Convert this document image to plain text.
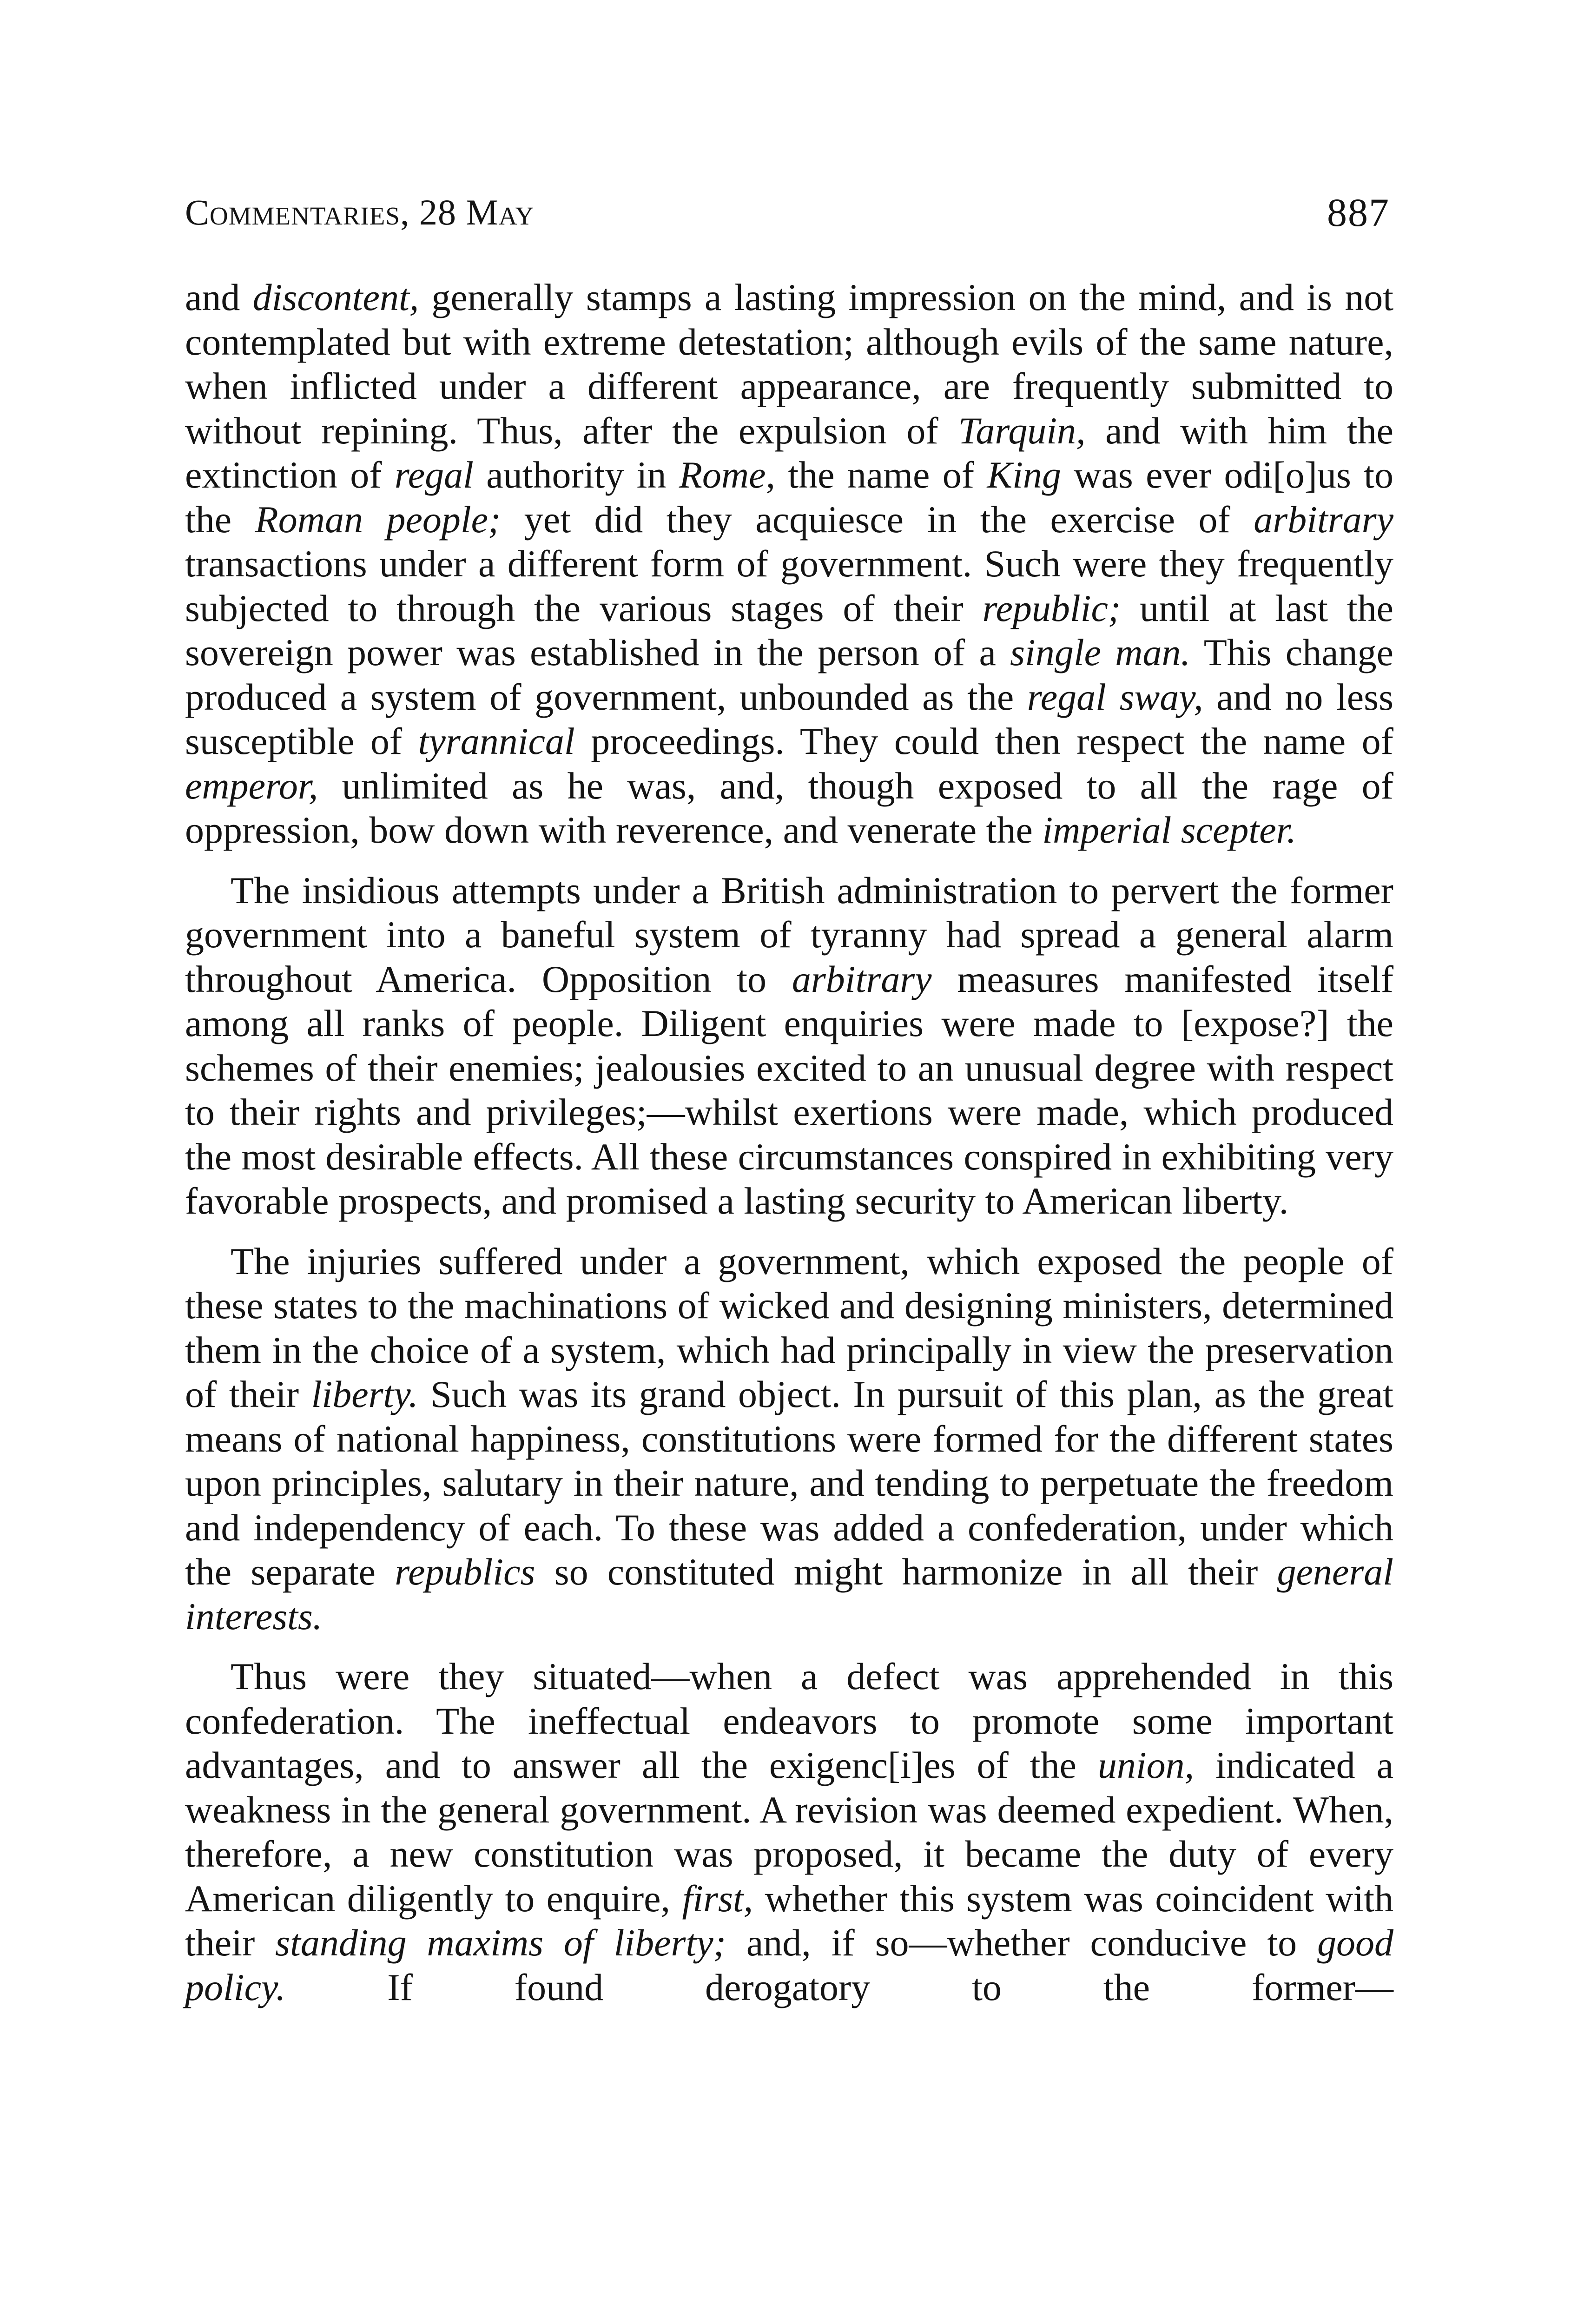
Commentaries, 28 May	887

and discontent, generally stamps a lasting impression on the mind, and is not contemplated but with extreme detestation; although evils of the same nature, when inflicted under a different appearance, are frequently submitted to without repining. Thus, after the expulsion of Tarquin, and with him the extinction of regal authority in Rome, the name of King was ever odi[o]us to the Roman people; yet did they acquiesce in the exercise of arbitrary transactions under a different form of government. Such were they frequently subjected to through the various stages of their republic; until at last the sovereign power was established in the person of a single man. This change produced a system of government, unbounded as the regal sway, and no less susceptible of tyrannical proceedings. They could then respect the name of emperor, unlimited as he was, and, though exposed to all the rage of oppression, bow down with reverence, and venerate the imperial scepter.

The insidious attempts under a British administration to pervert the former government into a baneful system of tyranny had spread a general alarm throughout America. Opposition to arbitrary measures manifested itself among all ranks of people. Diligent enquiries were made to [expose?] the schemes of their enemies; jealousies excited to an unusual degree with respect to their rights and privileges;—whilst exertions were made, which produced the most desirable effects. All these circumstances conspired in exhibiting very favorable prospects, and promised a lasting security to American liberty.

The injuries suffered under a government, which exposed the people of these states to the machinations of wicked and designing ministers, determined them in the choice of a system, which had principally in view the preservation of their liberty. Such was its grand object. In pursuit of this plan, as the great means of national happiness, constitutions were formed for the different states upon principles, salutary in their nature, and tending to perpetuate the freedom and independency of each. To these was added a confederation, under which the separate republics so constituted might harmonize in all their general interests.

Thus were they situated—when a defect was apprehended in this confederation. The ineffectual endeavors to promote some important advantages, and to answer all the exigenc[i]es of the union, indicated a weakness in the general government. A revision was deemed expedient. When, therefore, a new constitution was proposed, it became the duty of every American diligently to enquire, first, whether this system was coincident with their standing maxims of liberty; and, if so—whether conducive to good policy. If found derogatory to the former—
